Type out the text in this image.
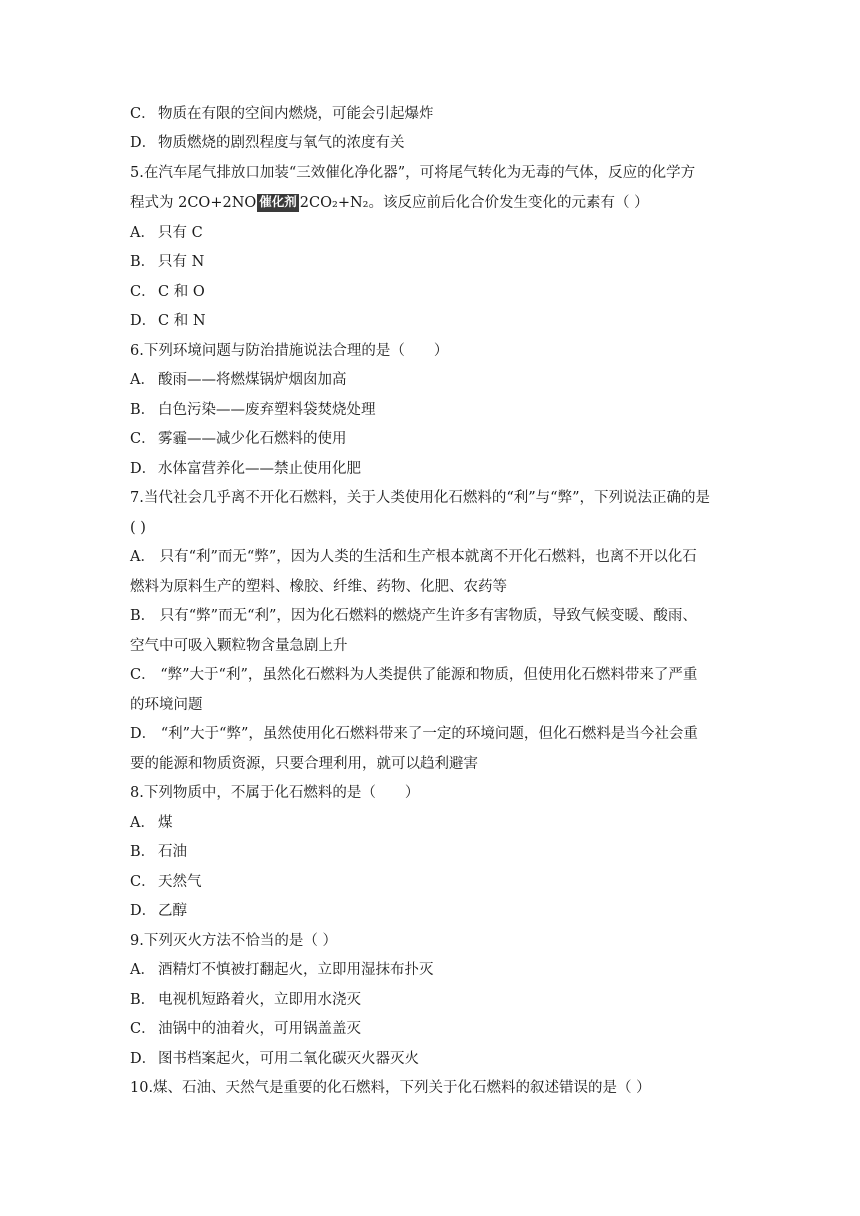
C． 物质在有限的空间内燃烧，可能会引起爆炸
D． 物质燃烧的剧烈程度与氧气的浓度有关
5.在汽车尾气排放口加装“三效催化净化器”，可将尾气转化为无毒的气体，反应的化学方
程式为 2CO+2NO 催化剂 2CO₂+N₂。该反应前后化合价发生变化的元素有（ ）
A． 只有 C
B． 只有 N
C． C 和 O
D． C 和 N
6.下列环境问题与防治措施说法合理的是（　　）
A． 酸雨——将燃煤锅炉烟囱加高
B． 白色污染——废弃塑料袋焚烧处理
C． 雾霾——减少化石燃料的使用
D． 水体富营养化——禁止使用化肥
7.当代社会几乎离不开化石燃料，关于人类使用化石燃料的“利”与“弊”，下列说法正确的是
( )
A． 只有“利”而无“弊”，因为人类的生活和生产根本就离不开化石燃料，也离不开以化石
燃料为原料生产的塑料、橡胶、纤维、药物、化肥、农药等
B． 只有“弊”而无“利”，因为化石燃料的燃烧产生许多有害物质，导致气候变暖、酸雨、
空气中可吸入颗粒物含量急剧上升
C． “弊”大于“利”，虽然化石燃料为人类提供了能源和物质，但使用化石燃料带来了严重
的环境问题
D． “利”大于“弊”，虽然使用化石燃料带来了一定的环境问题，但化石燃料是当今社会重
要的能源和物质资源，只要合理利用，就可以趋利避害
8.下列物质中，不属于化石燃料的是（　　）
A． 煤
B． 石油
C． 天然气
D． 乙醇
9.下列灭火方法不恰当的是（ ）
A． 酒精灯不慎被打翻起火，立即用湿抹布扑灭
B． 电视机短路着火，立即用水浇灭
C． 油锅中的油着火，可用锅盖盖灭
D． 图书档案起火，可用二氧化碳灭火器灭火
10.煤、石油、天然气是重要的化石燃料，下列关于化石燃料的叙述错误的是（ ）
